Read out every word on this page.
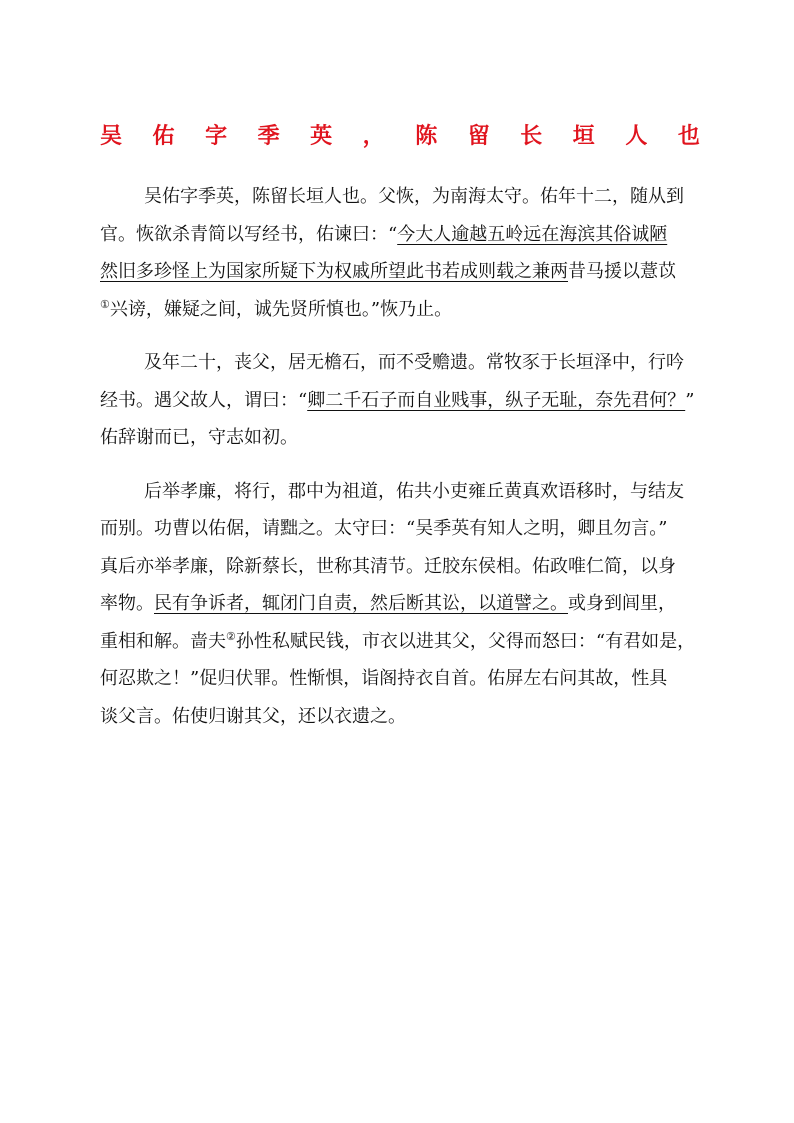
吴 佑 字 季 英 ， 陈 留 长 垣 人 也
吴佑字季英，陈留长垣人也。父恢，为南海太守。佑年十二，随从到
官。恢欲杀青简以写经书，佑谏曰：“今大人逾越五岭远在海滨其俗诚陋
然旧多珍怪上为国家所疑下为权戚所望此书若成则载之兼两昔马援以薏苡
①兴谤，嫌疑之间，诚先贤所慎也。”恢乃止。
及年二十，丧父，居无檐石，而不受赡遗。常牧豕于长垣泽中，行吟
经书。遇父故人，谓曰：“卿二千石子而自业贱事，纵子无耻，奈先君何？”
佑辞谢而已，守志如初。
后举孝廉，将行，郡中为祖道，佑共小吏雍丘黄真欢语移时，与结友
而别。功曹以佑倨，请黜之。太守曰：“吴季英有知人之明，卿且勿言。”
真后亦举孝廉，除新蔡长，世称其清节。迁胶东侯相。佑政唯仁简，以身
率物。民有争诉者，辄闭门自责，然后断其讼，以道譬之。或身到闾里，
重相和解。啬夫②孙性私赋民钱，市衣以进其父，父得而怒曰：“有君如是，
何忍欺之！”促归伏罪。性惭惧，诣阁持衣自首。佑屏左右问其故，性具
谈父言。佑使归谢其父，还以衣遗之。
